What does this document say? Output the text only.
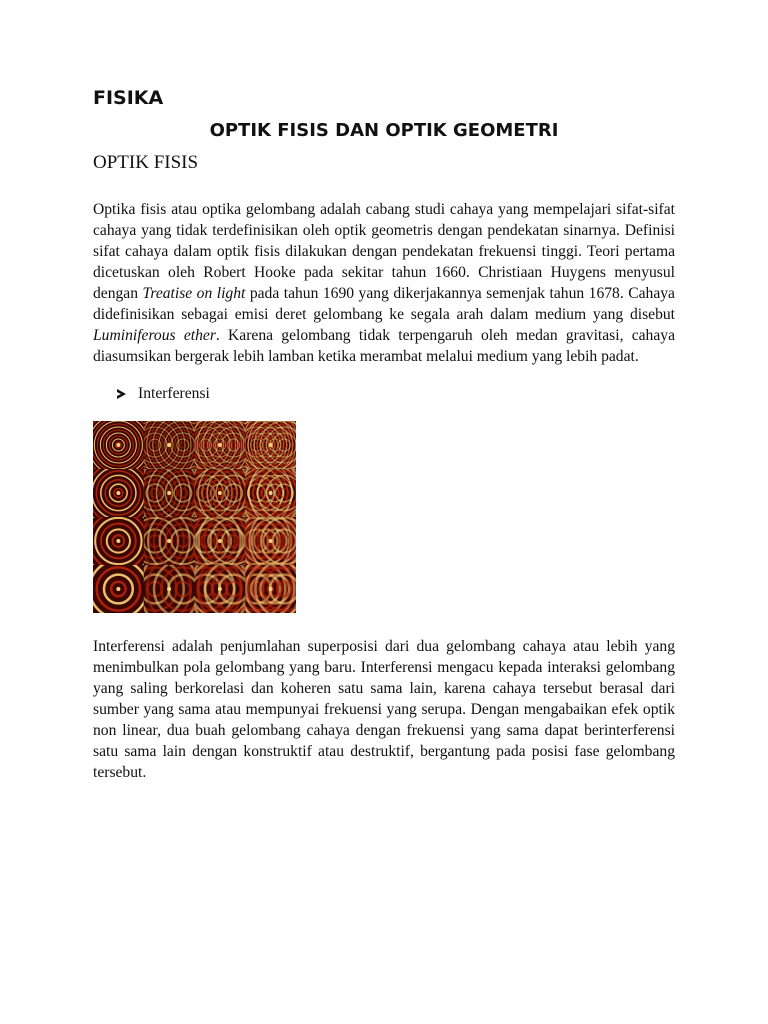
FISIKA
OPTIK FISIS DAN OPTIK GEOMETRI
OPTIK FISIS

Optika fisis atau optika gelombang adalah cabang studi cahaya yang mempelajari sifat-sifat cahaya yang tidak terdefinisikan oleh optik geometris dengan pendekatan sinarnya. Definisi sifat cahaya dalam optik fisis dilakukan dengan pendekatan frekuensi tinggi. Teori pertama dicetuskan oleh Robert Hooke pada sekitar tahun 1660. Christiaan Huygens menyusul dengan Treatise on light pada tahun 1690 yang dikerjakannya semenjak tahun 1678. Cahaya didefinisikan sebagai emisi deret gelombang ke segala arah dalam medium yang disebut Luminiferous ether. Karena gelombang tidak terpengaruh oleh medan gravitasi, cahaya diasumsikan bergerak lebih lamban ketika merambat melalui medium yang lebih padat.

Interferensi

Interferensi adalah penjumlahan superposisi dari dua gelombang cahaya atau lebih yang menimbulkan pola gelombang yang baru. Interferensi mengacu kepada interaksi gelombang yang saling berkorelasi dan koheren satu sama lain, karena cahaya tersebut berasal dari sumber yang sama atau mempunyai frekuensi yang serupa. Dengan mengabaikan efek optik non linear, dua buah gelombang cahaya dengan frekuensi yang sama dapat berinterferensi satu sama lain dengan konstruktif atau destruktif, bergantung pada posisi fase gelombang tersebut.
